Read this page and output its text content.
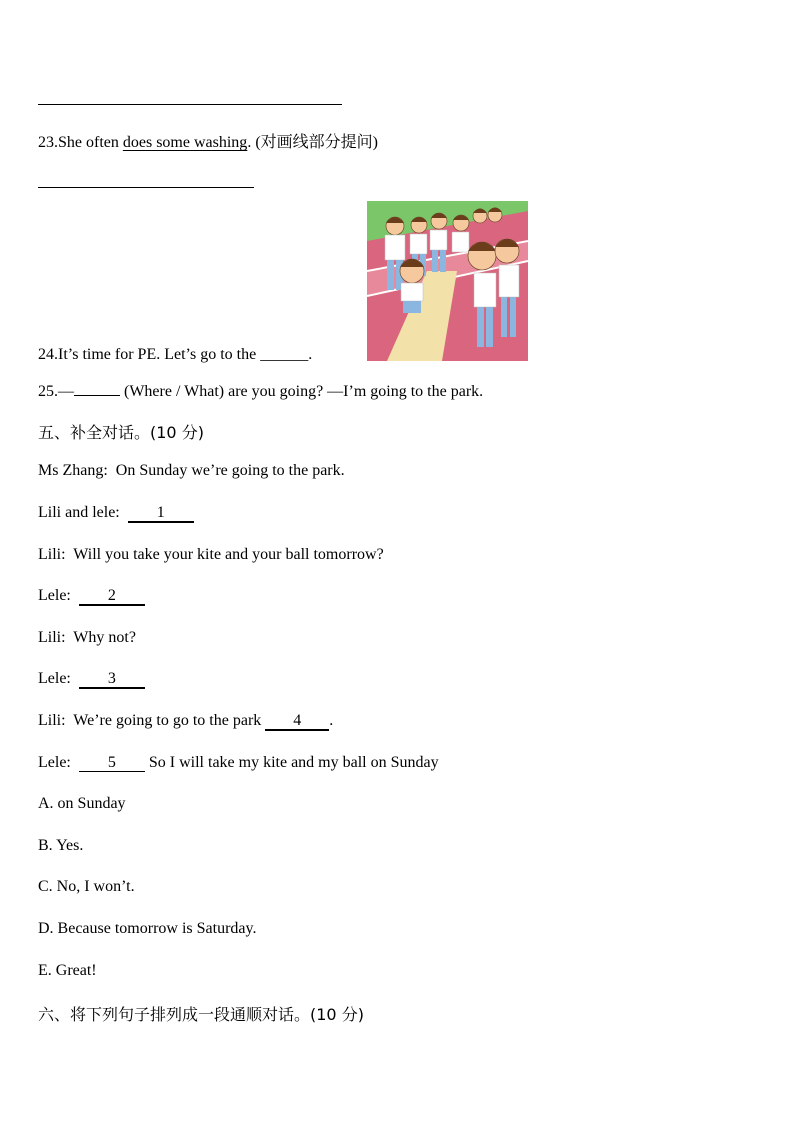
23.She often does some washing. (对画线部分提问)
24.It’s time for PE. Let’s go to the ______.
25.—	(Where / What) are you going? —I’m going to the park.
五、补全对话。(10 分)
Ms Zhang: On Sunday we’re going to the park.
Lili and lele: 1
Lili: Will you take your kite and your ball tomorrow?
Lele: 2
Lili: Why not?
Lele: 3
Lili: We’re going to go to the park 4 .
Lele: 5 So I will take my kite and my ball on Sunday
A. on Sunday
B. Yes.
C. No, I won’t.
D. Because tomorrow is Saturday.
E. Great!
六、将下列句子排列成一段通顺对话。(10 分)
